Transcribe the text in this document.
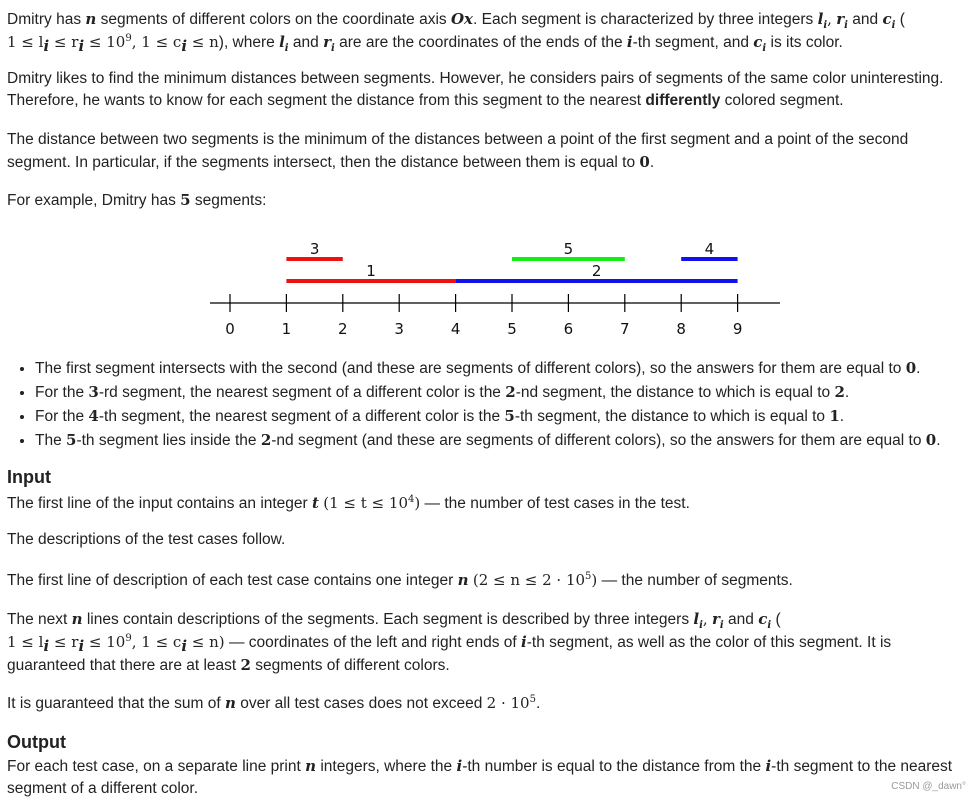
Dmitry has n segments of different colors on the coordinate axis Ox. Each segment is characterized by three integers $l_i$, $r_i$ and $c_i$ (
$1 \le l_i \le r_i \le 10^9$, $1 \le c_i \le n$), where $l_i$ and $r_i$ are are the coordinates of the ends of the i-th segment, and $c_i$ is its color.

Dmitry likes to find the minimum distances between segments. However, he considers pairs of segments of the same color uninteresting. Therefore, he wants to know for each segment the distance from this segment to the nearest differently colored segment.

The distance between two segments is the minimum of the distances between a point of the first segment and a point of the second segment. In particular, if the segments intersect, then the distance between them is equal to 0.

For example, Dmitry has 5 segments:

1	2
3	4
5
0	1	2	3	4	5	6	7	8	9
• The first segment intersects with the second (and these are segments of different colors), so the answers for them are equal to 0.
• For the 3-rd segment, the nearest segment of a different color is the 2-nd segment, the distance to which is equal to 2.
• For the 4-th segment, the nearest segment of a different color is the 5-th segment, the distance to which is equal to 1.
• The 5-th segment lies inside the 2-nd segment (and these are segments of different colors), so the answers for them are equal to 0.
Input

The first line of the input contains an integer t $(1 \le t \le 10^4)$ — the number of test cases in the test.

The descriptions of the test cases follow.

The first line of description of each test case contains one integer n $(2 \le n \le 2 \cdot 10^5)$ — the number of segments.

The next n lines contain descriptions of the segments. Each segment is described by three integers $l_i$, $r_i$ and $c_i$ (
$1 \le l_i \le r_i \le 10^9$, $1 \le c_i \le n$) — coordinates of the left and right ends of i-th segment, as well as the color of this segment. It is guaranteed that there are at least 2 segments of different colors.

It is guaranteed that the sum of n over all test cases does not exceed $2 \cdot 10^5$.

Output

For each test case, on a separate line print n integers, where the i-th number is equal to the distance from the i-th segment to the nearest segment of a different color.	CSDN @_dawn°
